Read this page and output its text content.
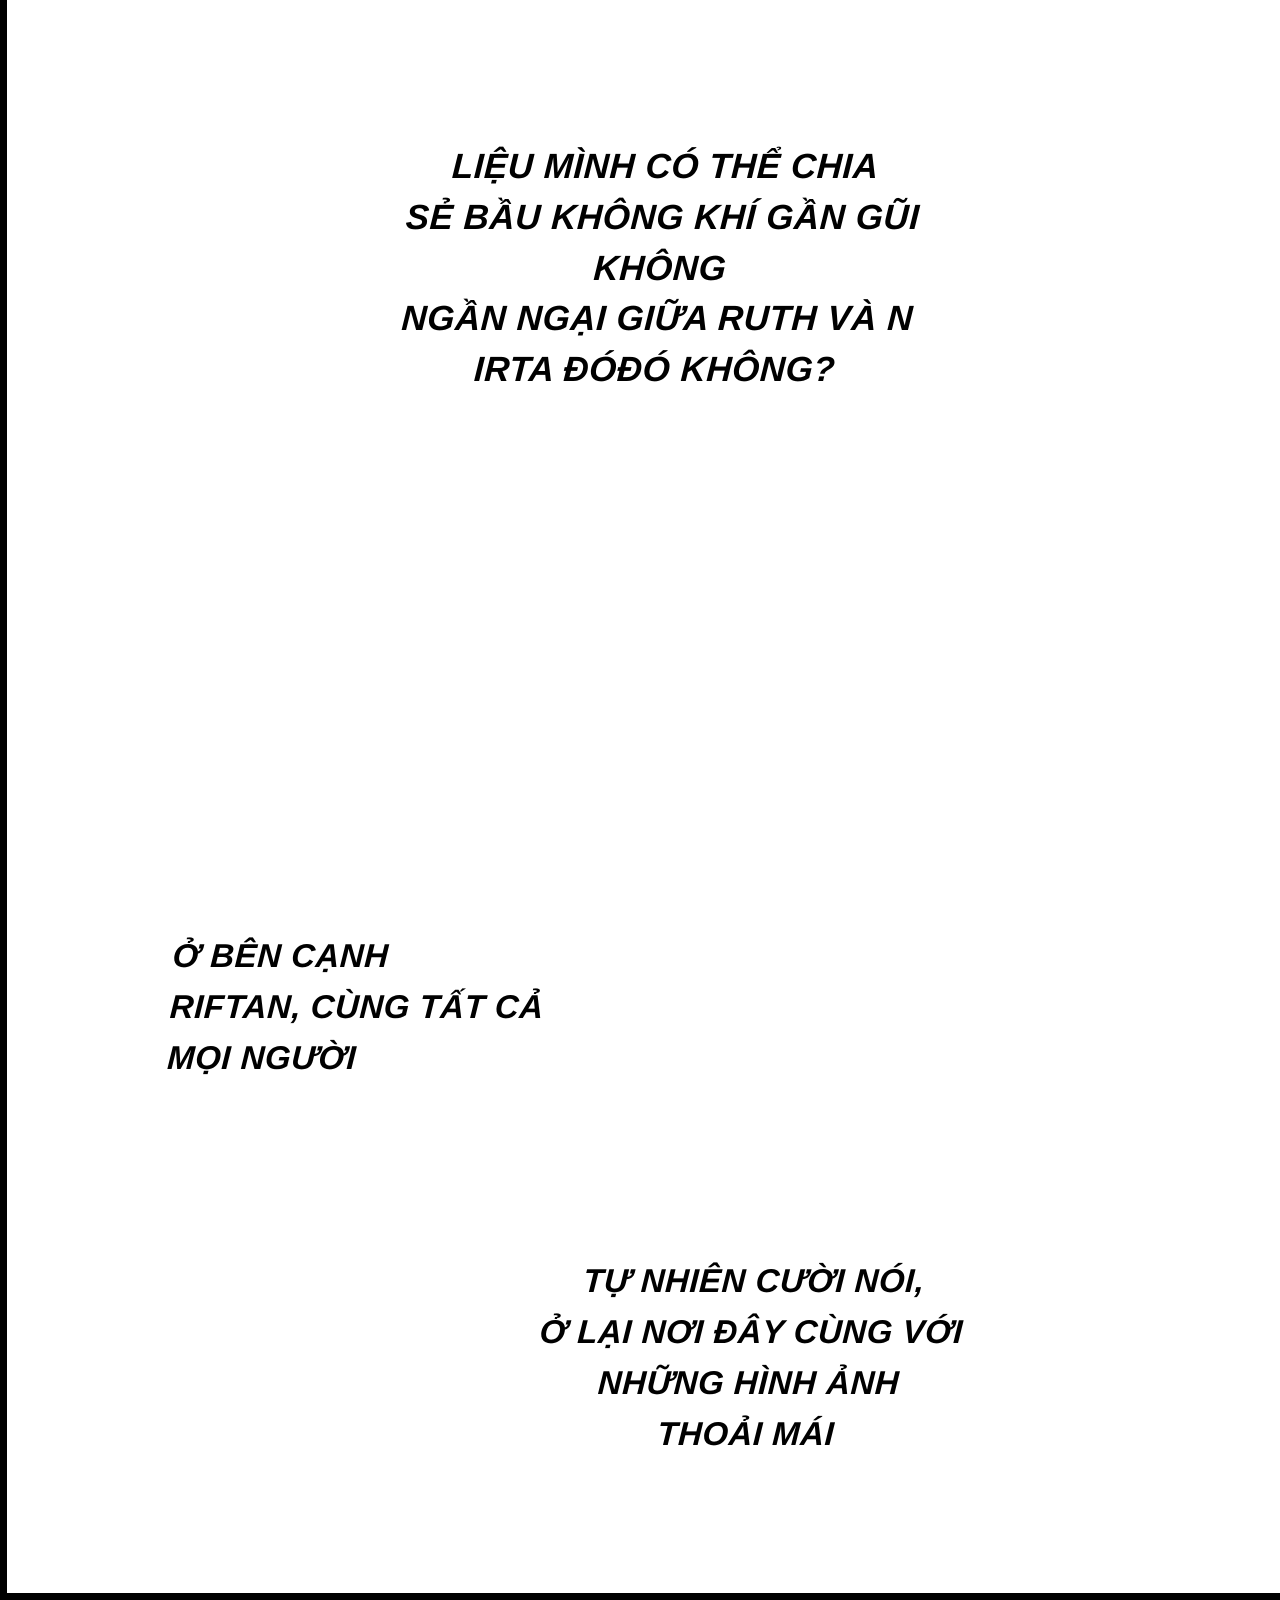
LIỆU MÌNH CÓ THỂ CHIA
SẺ BẦU KHÔNG KHÍ GẦN GŨI KHÔNG
NGẦN NGẠI GIỮA RUTH VÀ N
IRTA ĐÓĐÓ KHÔNG?
Ở BÊN CẠNH
RIFTAN, CÙNG TẤT CẢ
MỌI NGƯỜI
TỰ NHIÊN CƯỜI NÓI,
Ở LẠI NƠI ĐÂY CÙNG VỚI
NHỮNG HÌNH ẢNH
THOẢI MÁI
